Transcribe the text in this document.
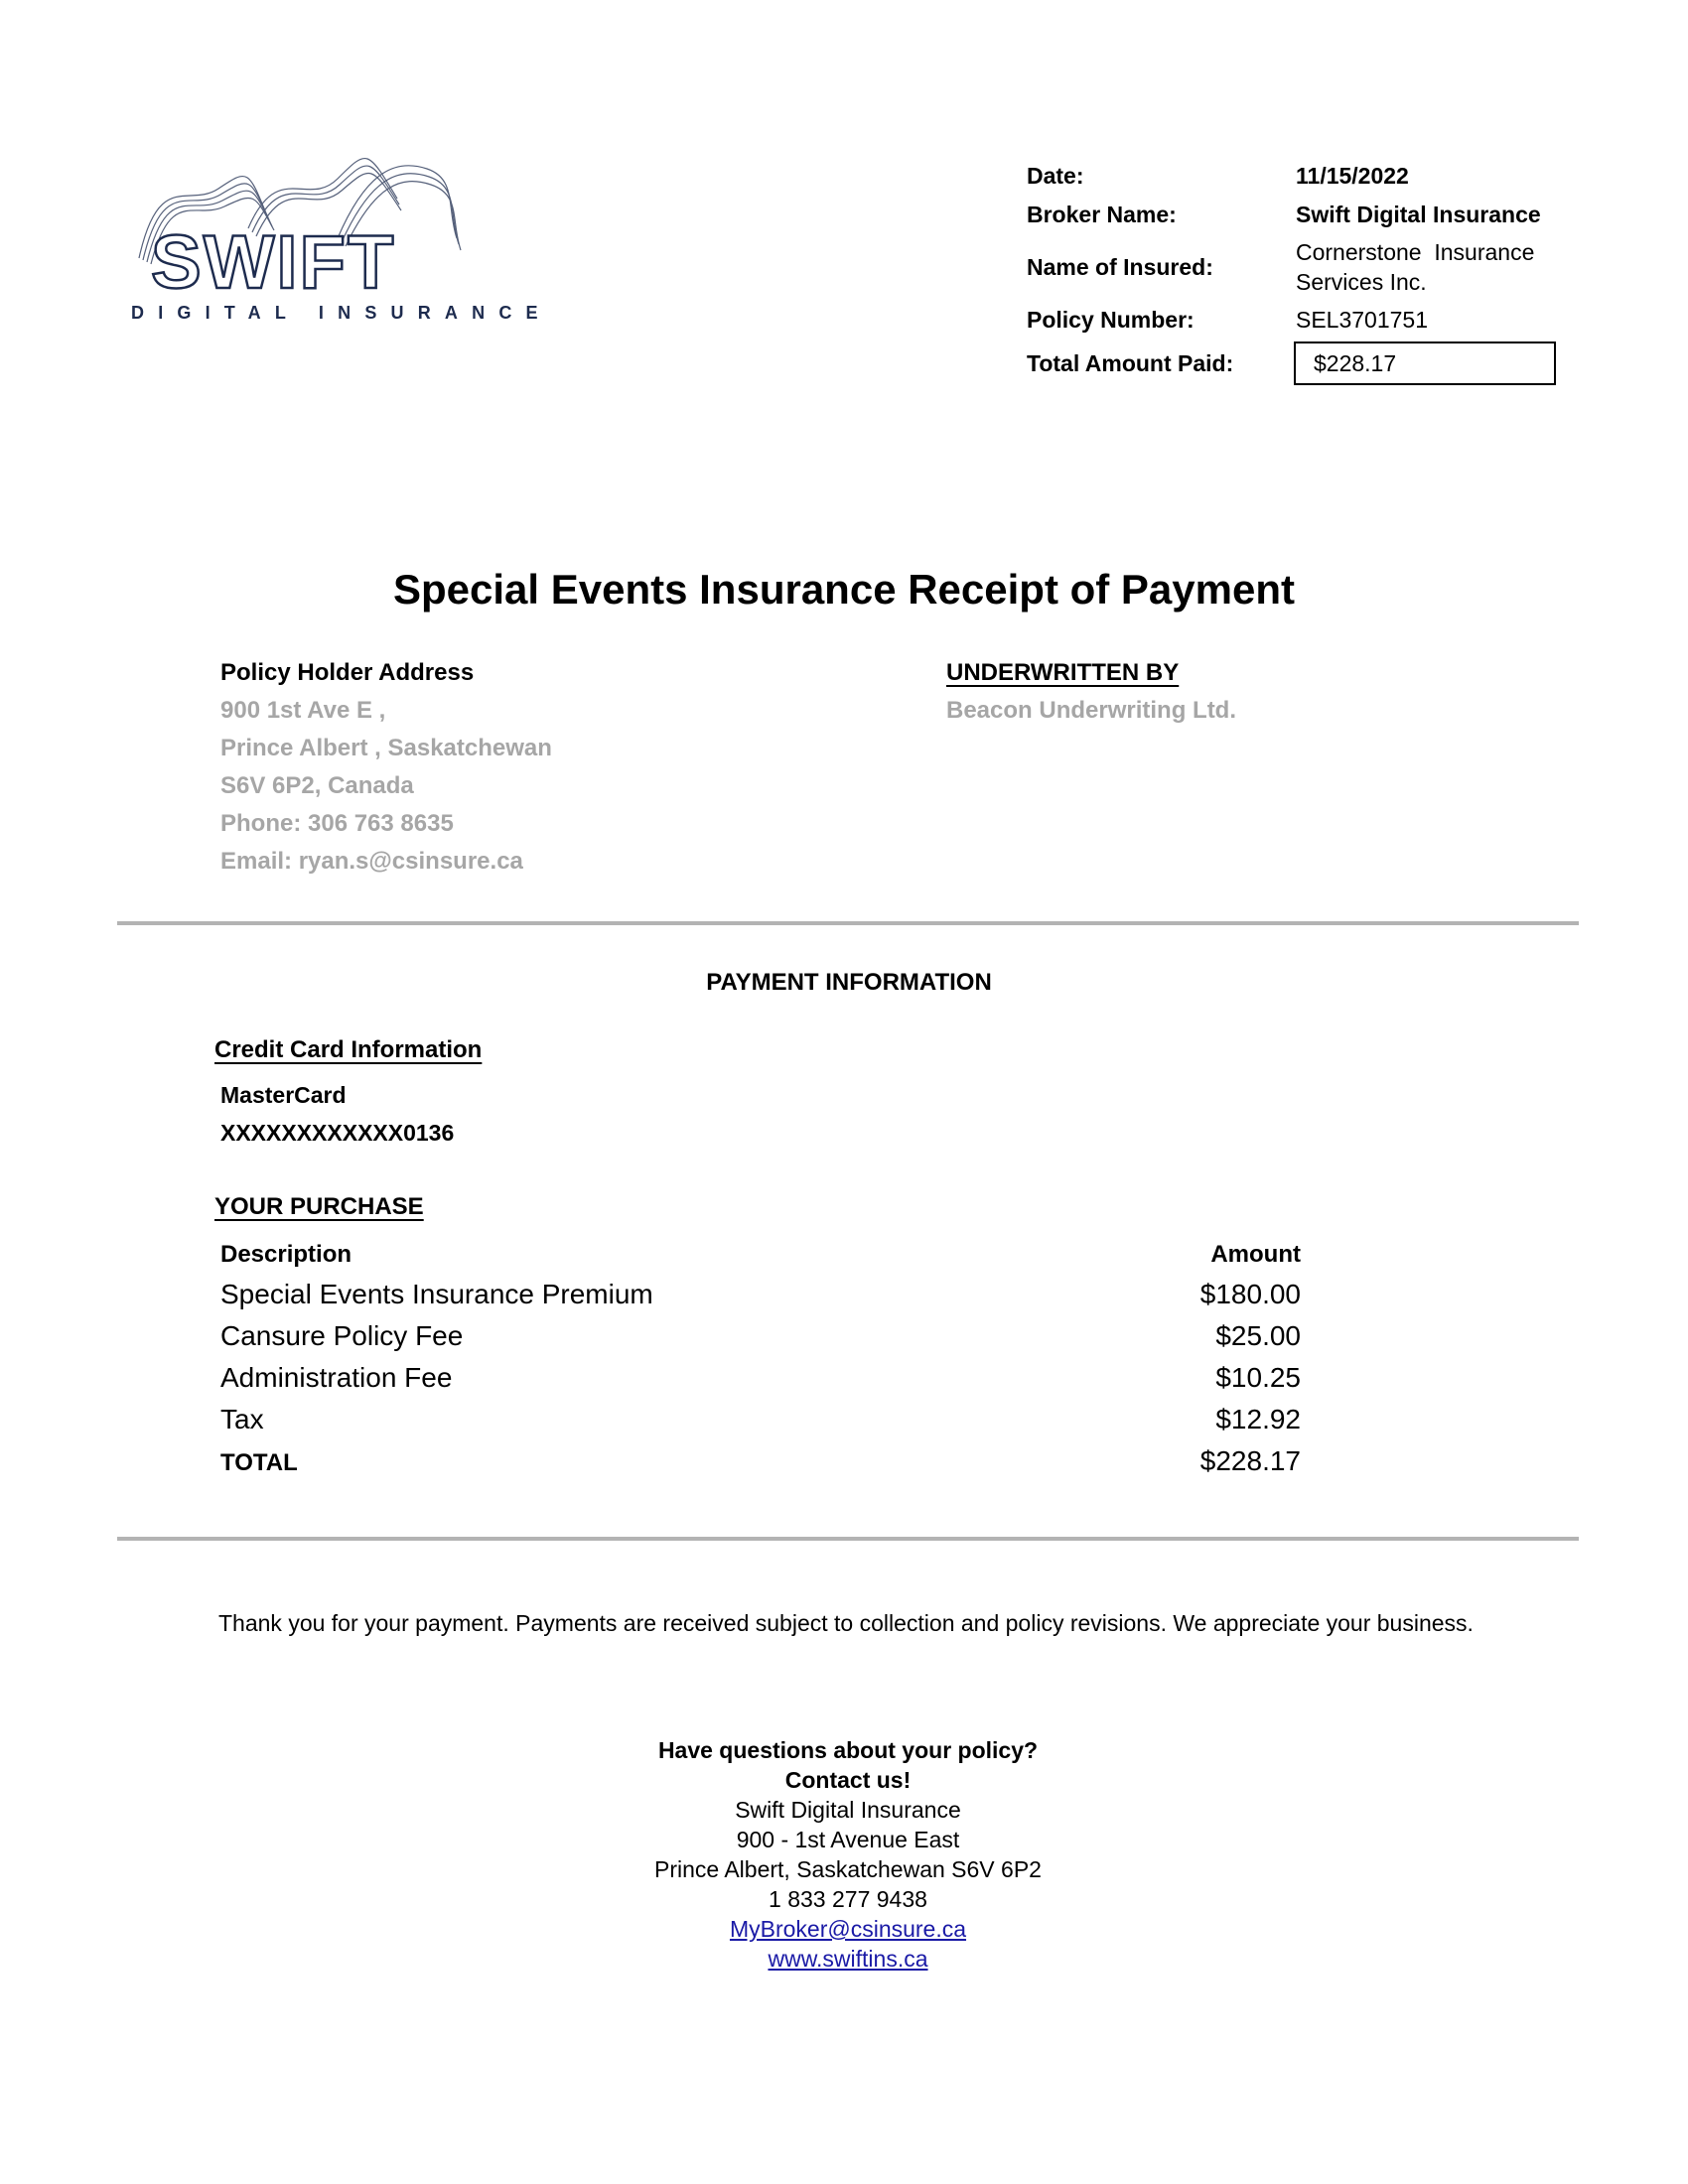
SWIFT
DIGITAL INSURANCE
Date:	11/15/2022
Broker Name:	Swift Digital Insurance
Name of Insured:
Cornerstone  Insurance
Services Inc.
Policy Number:	SEL3701751
Total Amount Paid:	$228.17
Special Events Insurance Receipt of Payment
Policy Holder Address
900 1st Ave E ,
Prince Albert , Saskatchewan
S6V 6P2, Canada
Phone: 306 763 8635
Email: ryan.s@csinsure.ca
UNDERWRITTEN BY
Beacon Underwriting Ltd.
PAYMENT INFORMATION
Credit Card Information
MasterCard
XXXXXXXXXXXX0136
YOUR PURCHASE
Description	Amount
Special Events Insurance Premium	$180.00
Cansure Policy Fee	$25.00
Administration Fee	$10.25
Tax	$12.92
TOTAL	$228.17
Thank you for your payment. Payments are received subject to collection and policy revisions. We appreciate your business.
Have questions about your policy?
Contact us!
Swift Digital Insurance
900 - 1st Avenue East
Prince Albert, Saskatchewan S6V 6P2
1 833 277 9438
MyBroker@csinsure.ca
www.swiftins.ca
